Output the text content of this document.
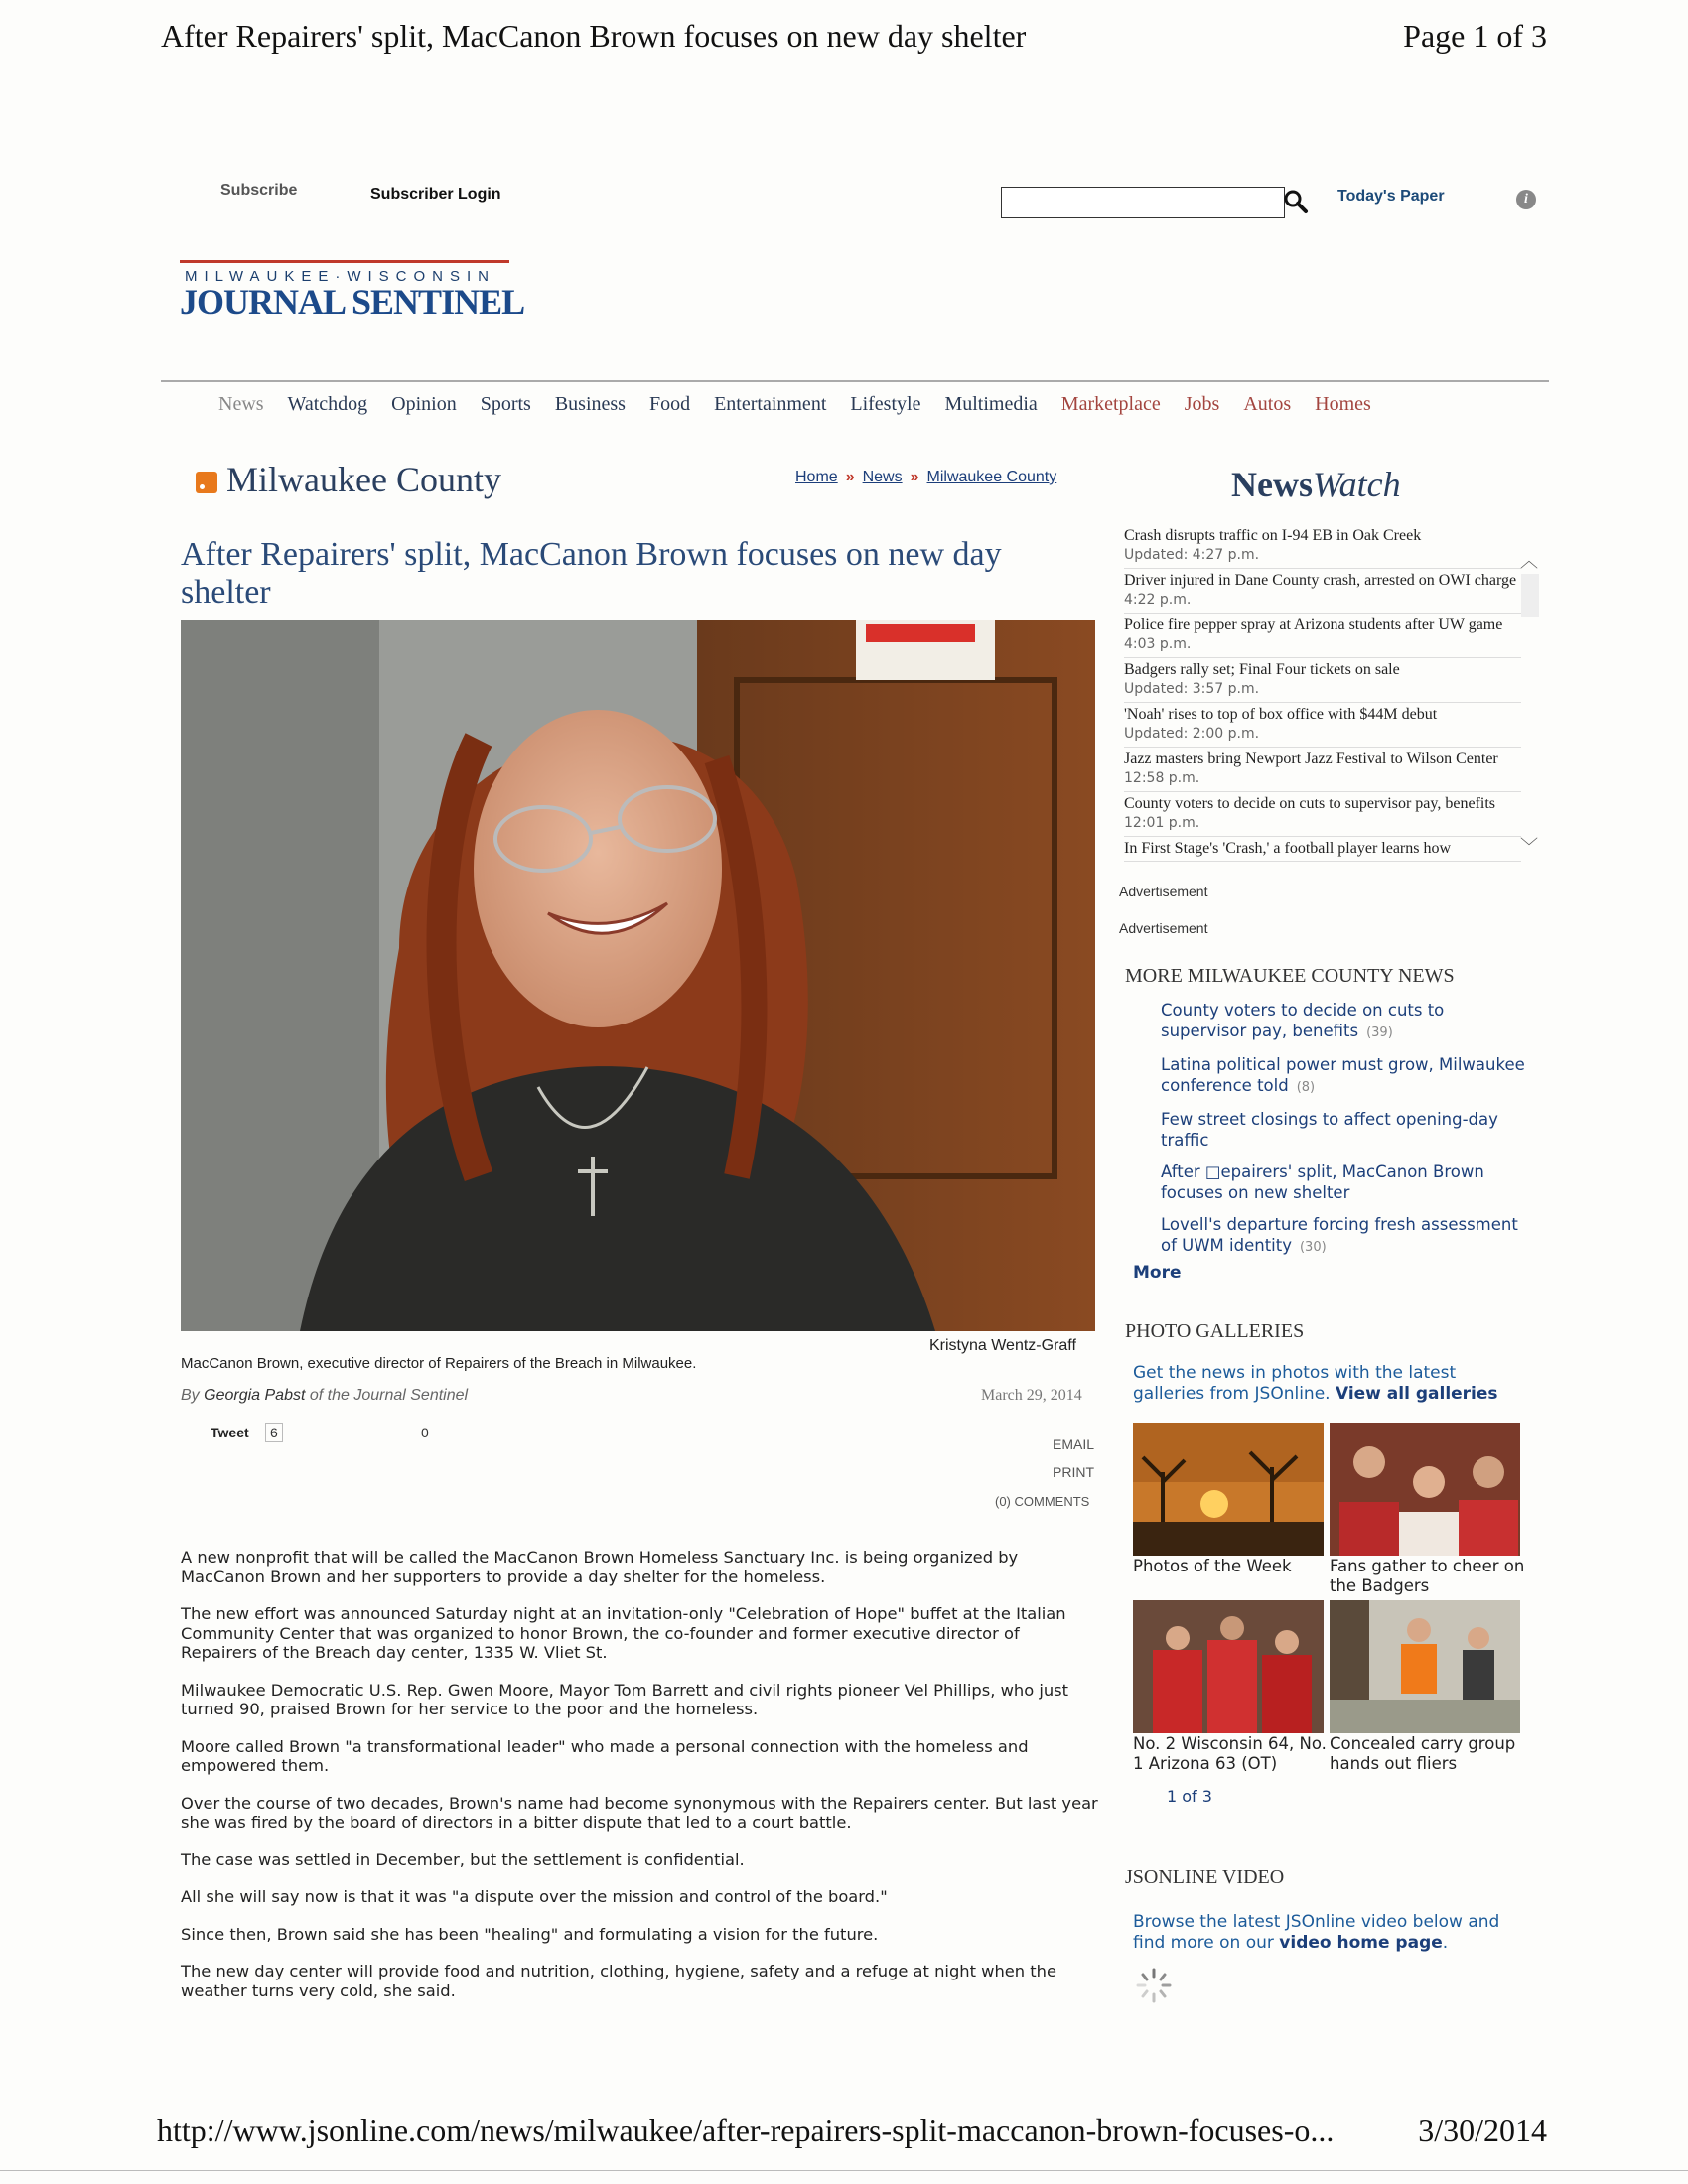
After Repairers' split, MacCanon Brown focuses on new day shelter	Page 1 of 3
Subscribe	Subscriber Login	Today's Paper	i
MILWAUKEE·WISCONSIN
JOURNAL SENTINEL
News	Watchdog	Opinion	Sports	Business	Food	Entertainment	Lifestyle	Multimedia	Marketplace	Jobs	Autos	Homes
Milwaukee County	Home » News » Milwaukee County
After Repairers' split, MacCanon Brown focuses on new day shelter
Kristyna Wentz-Graff
MacCanon Brown, executive director of Repairers of the Breach in Milwaukee.
By Georgia Pabst of the Journal Sentinel	March 29, 2014
Tweet	6	0
EMAIL
PRINT
(0) COMMENTS

A new nonprofit that will be called the MacCanon Brown Homeless Sanctuary Inc. is being organized by MacCanon Brown and her supporters to provide a day shelter for the homeless.

The new effort was announced Saturday night at an invitation-only "Celebration of Hope" buffet at the Italian Community Center that was organized to honor Brown, the co-founder and former executive director of Repairers of the Breach day center, 1335 W. Vliet St.

Milwaukee Democratic U.S. Rep. Gwen Moore, Mayor Tom Barrett and civil rights pioneer Vel Phillips, who just turned 90, praised Brown for her service to the poor and the homeless.

Moore called Brown "a transformational leader" who made a personal connection with the homeless and empowered them.

Over the course of two decades, Brown's name had become synonymous with the Repairers center. But last year she was fired by the board of directors in a bitter dispute that led to a court battle.

The case was settled in December, but the settlement is confidential.

All she will say now is that it was "a dispute over the mission and control of the board."

Since then, Brown said she has been "healing" and formulating a vision for the future.

The new day center will provide food and nutrition, clothing, hygiene, safety and a refuge at night when the weather turns very cold, she said.

NewsWatch
Crash disrupts traffic on I-94 EB in Oak Creek
Updated: 4:27 p.m.
Driver injured in Dane County crash, arrested on OWI charge 4:22 p.m.
Police fire pepper spray at Arizona students after UW game 4:03 p.m.
Badgers rally set; Final Four tickets on sale
Updated: 3:57 p.m.
'Noah' rises to top of box office with $44M debut
Updated: 2:00 p.m.
Jazz masters bring Newport Jazz Festival to Wilson Center 12:58 p.m.
County voters to decide on cuts to supervisor pay, benefits 12:01 p.m.
In First Stage's 'Crash,' a football player learns how
︿
﹀
Advertisement
Advertisement
MORE MILWAUKEE COUNTY NEWS
County voters to decide on cuts to supervisor pay, benefits (39)
Latina political power must grow, Milwaukee conference told (8)
Few street closings to affect opening-day traffic
After □epairers' split, MacCanon Brown focuses on new shelter
Lovell's departure forcing fresh assessment of UWM identity (30)
More
PHOTO GALLERIES
Get the news in photos with the latest galleries from JSOnline. View all galleries
Photos of the Week	Fans gather to cheer on the Badgers
No. 2 Wisconsin 64, No. 1 Arizona 63 (OT)
Concealed carry group hands out fliers
1 of 3
JSONLINE VIDEO
Browse the latest JSOnline video below and find more on our video home page.
http://www.jsonline.com/news/milwaukee/after-repairers-split-maccanon-brown-focuses-o...	3/30/2014
